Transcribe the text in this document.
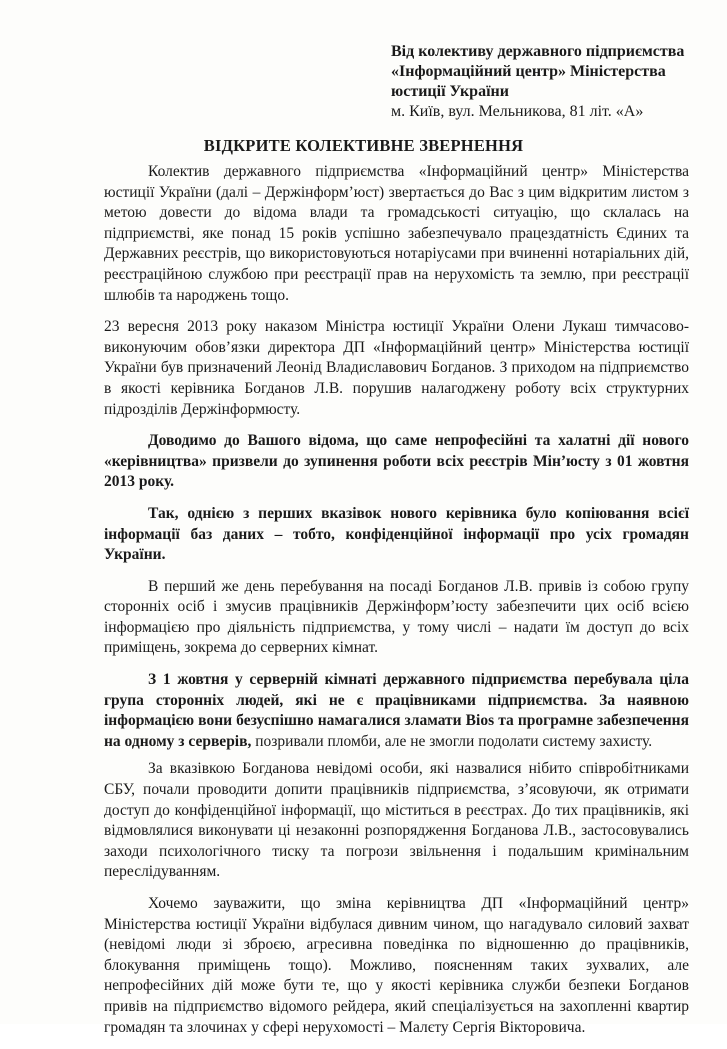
Від колективу державного підприємства
«Інформаційний центр» Міністерства
юстиції України
м. Київ, вул. Мельникова, 81 літ. «А»
ВІДКРИТЕ КОЛЕКТИВНЕ ЗВЕРНЕННЯ

Колектив державного підприємства «Інформаційний центр» Міністерства юстиції України (далі – Держінформ’юст) звертається до Вас з цим відкритим листом з метою довести до відома влади та громадськості ситуацію, що склалась на підприємстві, яке понад 15 років успішно забезпечувало працездатність Єдиних та Державних реєстрів, що використовуються нотаріусами при вчиненні нотаріальних дій, реєстраційною службою при реєстрації прав на нерухомість та землю, при реєстрації шлюбів та народжень тощо.

23 вересня 2013 року наказом Міністра юстиції України Олени Лукаш тимчасово-виконуючим обов’язки директора ДП «Інформаційний центр» Міністерства юстиції України був призначений Леонід Владиславович Богданов. З приходом на підприємство в якості керівника Богданов Л.В. порушив налагоджену роботу всіх структурних підрозділів Держінформюсту.

Доводимо до Вашого відома, що саме непрофесійні та халатні дії нового «керівництва» призвели до зупинення роботи всіх реєстрів Мін’юсту з 01 жовтня 2013 року.

Так, однією з перших вказівок нового керівника було копіювання всієї інформації баз даних – тобто, конфіденційної інформації про усіх громадян України.

В перший же день перебування на посаді Богданов Л.В. привів із собою групу сторонніх осіб і змусив працівників Держінформ’юсту забезпечити цих осіб всією інформацією про діяльність підприємства, у тому числі – надати їм доступ до всіх приміщень, зокрема до серверних кімнат.

З 1 жовтня у серверній кімнаті державного підприємства перебувала ціла група сторонніх людей, які не є працівниками підприємства. За наявною інформацією вони безуспішно намагалися зламати Bios та програмне забезпечення на одному з серверів, позривали пломби, але не змогли подолати систему захисту.

За вказівкою Богданова невідомі особи, які назвалися нібито співробітниками СБУ, почали проводити допити працівників підприємства, з’ясовуючи, як отримати доступ до конфіденційної інформації, що міститься в реєстрах. До тих працівників, які відмовлялися виконувати ці незаконні розпорядження Богданова Л.В., застосовувались заходи психологічного тиску та погрози звільнення і подальшим кримінальним переслідуванням.

Хочемо зауважити, що зміна керівництва ДП «Інформаційний центр» Міністерства юстиції України відбулася дивним чином, що нагадувало силовий захват (невідомі люди зі зброєю, агресивна поведінка по відношенню до працівників, блокування приміщень тощо). Можливо, поясненням таких зухвалих, але непрофесійних дій може бути те, що у якості керівника служби безпеки Богданов привів на підприємство відомого рейдера, який спеціалізується на захопленні квартир громадян та злочинах у сфері нерухомості – Малєту Сергія Вікторовича.
